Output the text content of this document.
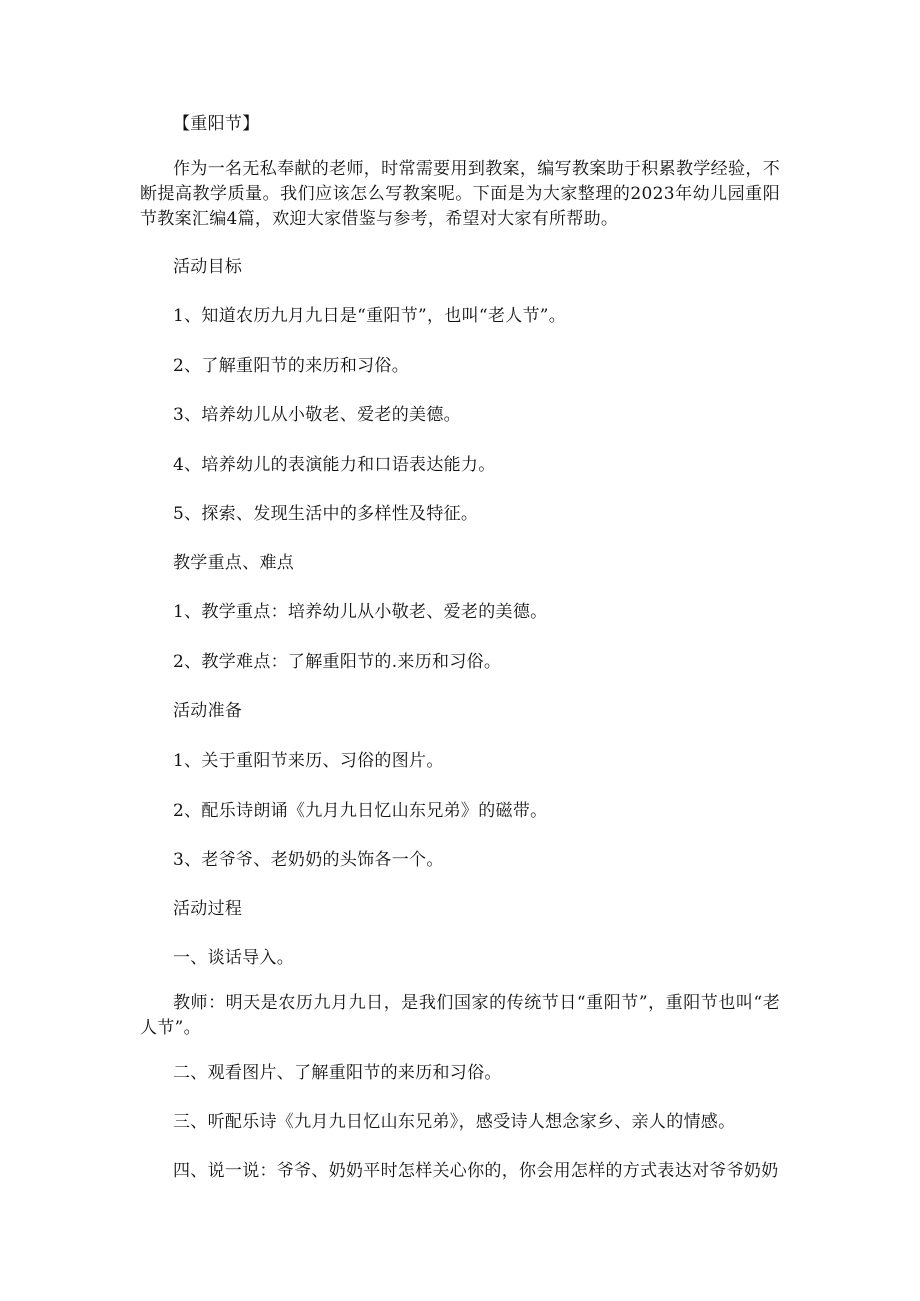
【重阳节】
作为一名无私奉献的老师，时常需要用到教案，编写教案助于积累教学经验，不断提高教学质量。我们应该怎么写教案呢。下面是为大家整理的2023年幼儿园重阳节教案汇编4篇，欢迎大家借鉴与参考，希望对大家有所帮助。
活动目标
1、知道农历九月九日是“重阳节”，也叫“老人节”。
2、了解重阳节的来历和习俗。
3、培养幼儿从小敬老、爱老的美德。
4、培养幼儿的表演能力和口语表达能力。
5、探索、发现生活中的多样性及特征。
教学重点、难点
1、教学重点：培养幼儿从小敬老、爱老的美德。
2、教学难点：了解重阳节的.来历和习俗。
活动准备
1、关于重阳节来历、习俗的图片。
2、配乐诗朗诵《九月九日忆山东兄弟》的磁带。
3、老爷爷、老奶奶的头饰各一个。
活动过程
一、谈话导入。
教师：明天是农历九月九日，是我们国家的传统节日“重阳节”，重阳节也叫“老人节”。
二、观看图片、了解重阳节的来历和习俗。
三、听配乐诗《九月九日忆山东兄弟》，感受诗人想念家乡、亲人的情感。
四、说一说：爷爷、奶奶平时怎样关心你的，你会用怎样的方式表达对爷爷奶奶
